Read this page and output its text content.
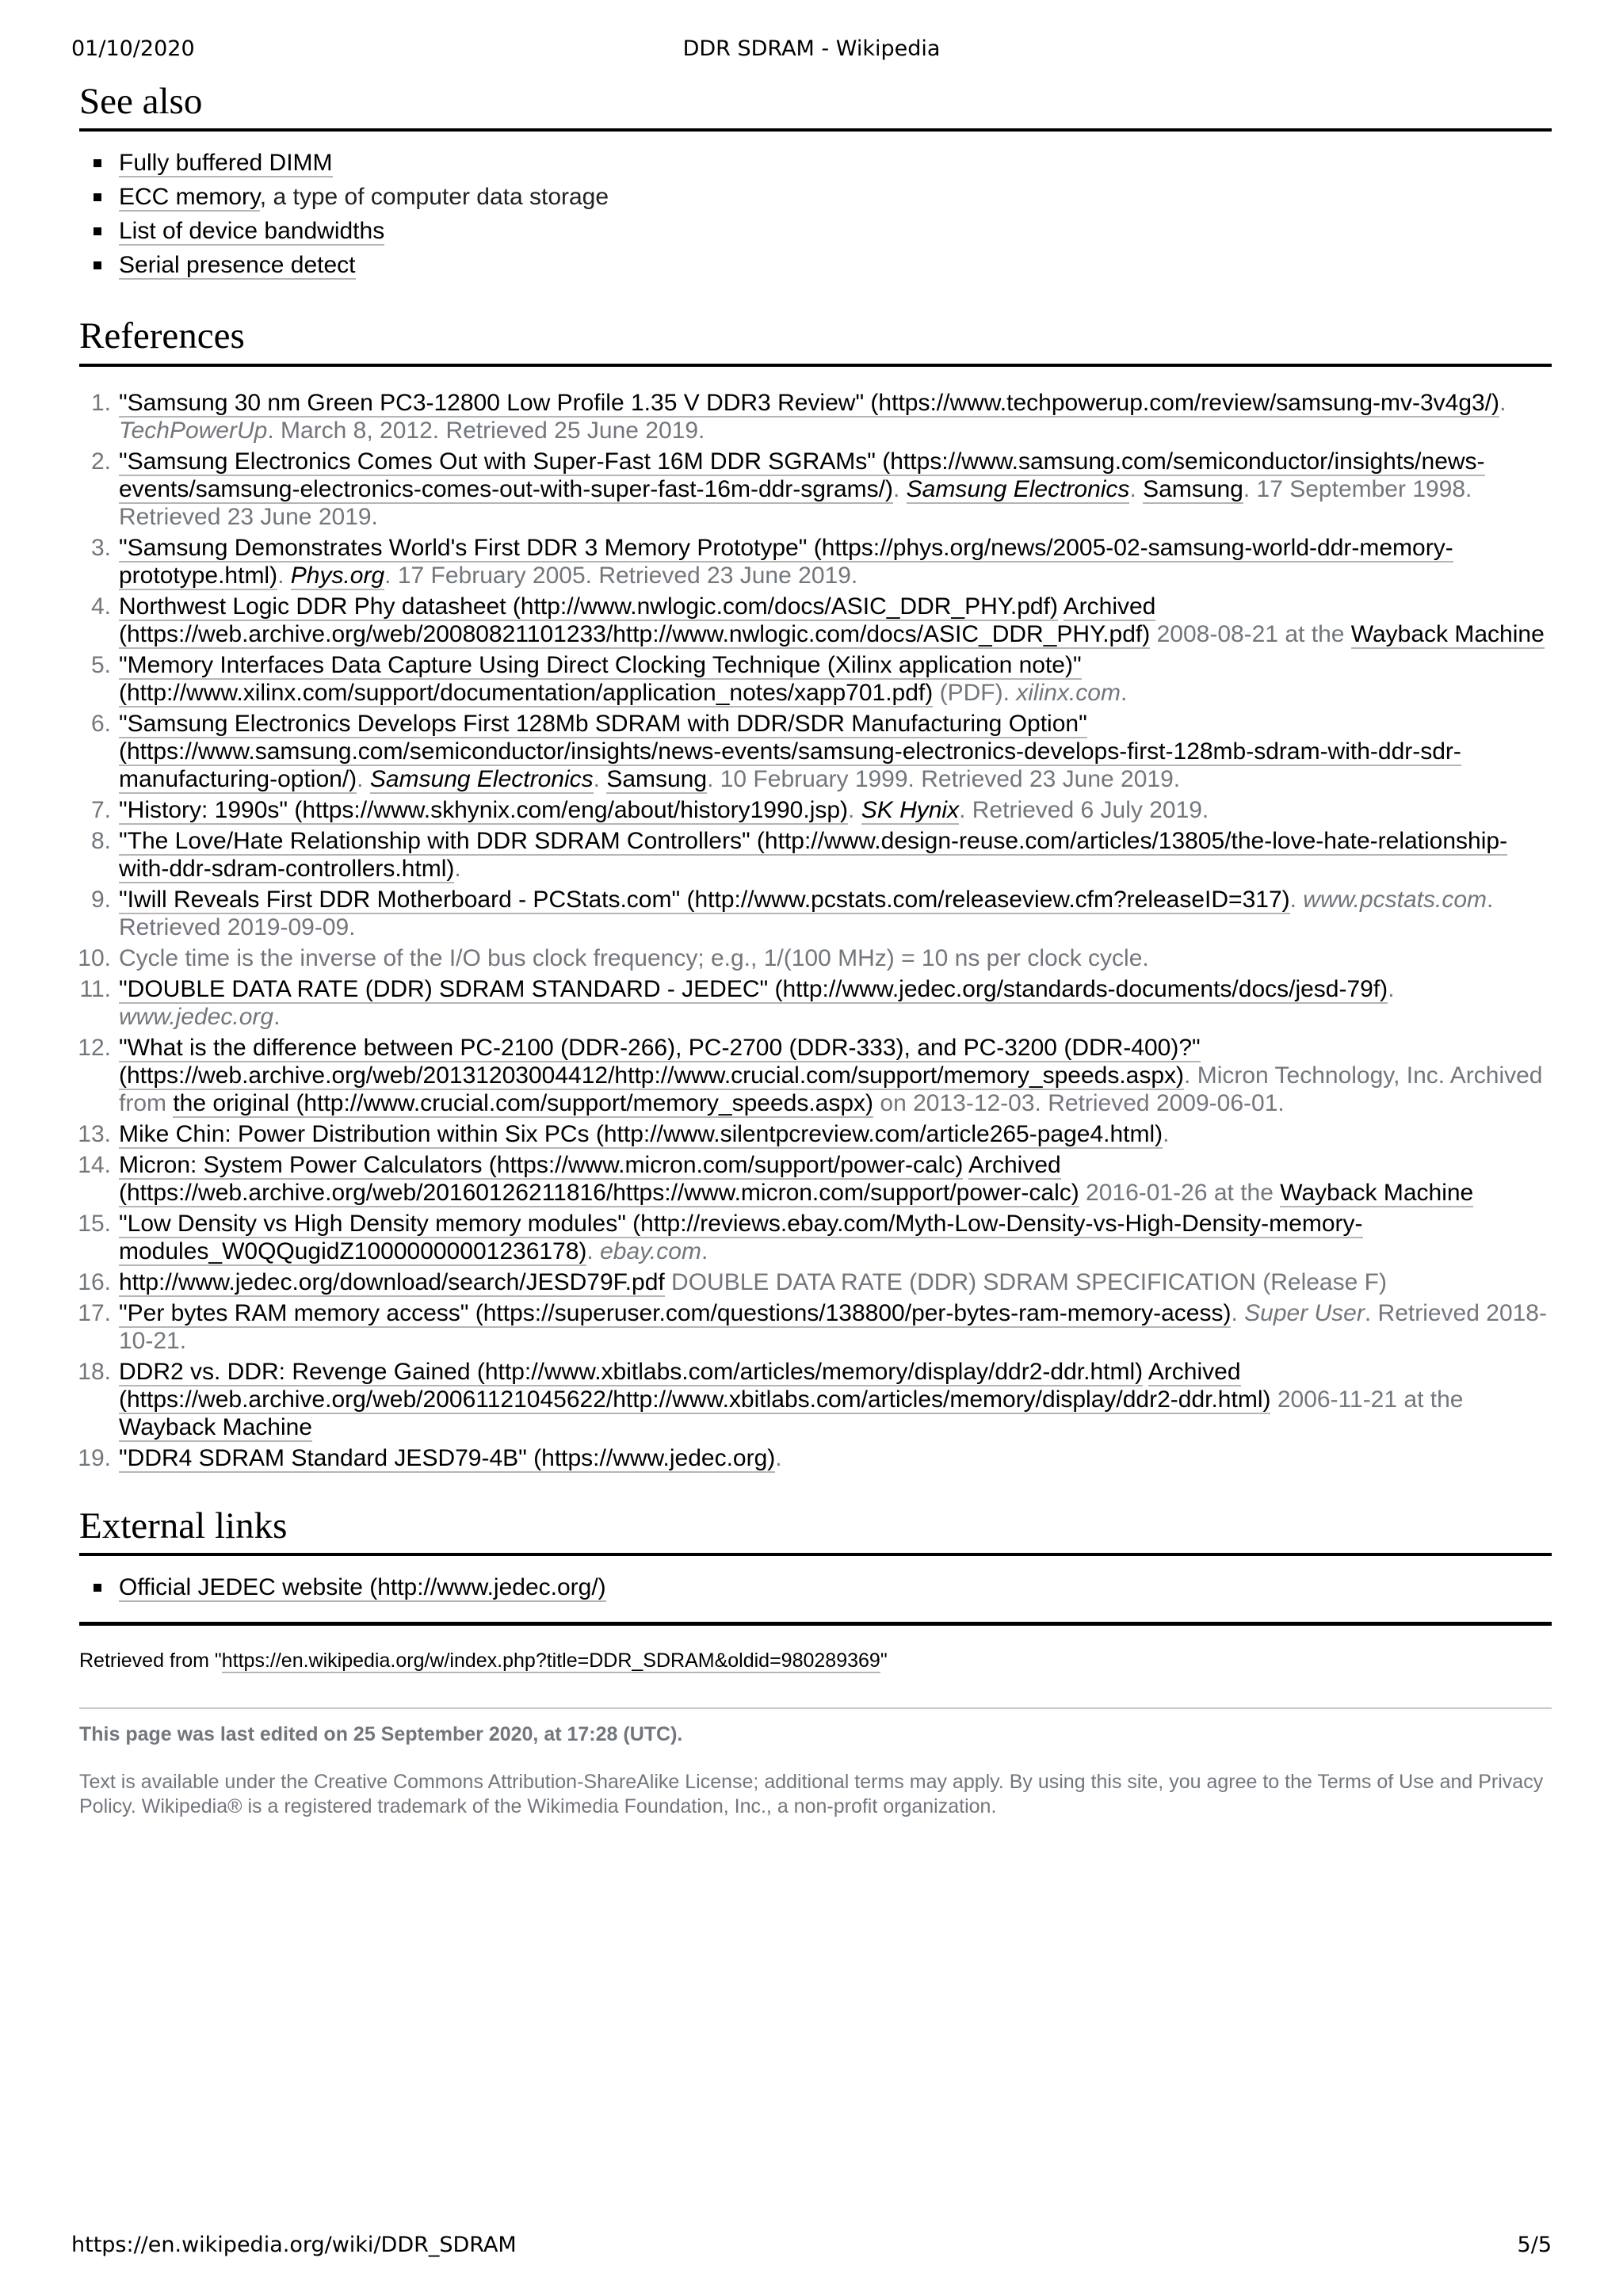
01/10/2020	DDR SDRAM - Wikipedia
See also
Fully buffered DIMM
ECC memory, a type of computer data storage
List of device bandwidths
Serial presence detect
References
1 . "Samsung 30 nm Green PC3-12800 Low Profile 1.35 V DDR3 Review" (https://www.techpowerup.com/review/samsung-mv-3v4g3/). TechPowerUp. March 8, 2012. Retrieved 25 June 2019.
2 . "Samsung Electronics Comes Out with Super-Fast 16M DDR SGRAMs" (https://www.samsung.com/semiconductor/insights/news-events/samsung-electronics-comes-out-with-super-fast-16m-ddr-sgrams/). Samsung Electronics. Samsung. 17 September 1998. Retrieved 23 June 2019.
3 . "Samsung Demonstrates World's First DDR 3 Memory Prototype" (https://phys.org/news/2005-02-samsung-world-ddr-memory-prototype.html). Phys.org. 17 February 2005. Retrieved 23 June 2019.
4 . Northwest Logic DDR Phy datasheet (http://www.nwlogic.com/docs/ASIC_DDR_PHY.pdf) Archived (https://web.archive.org/web/20080821101233/http://www.nwlogic.com/docs/ASIC_DDR_PHY.pdf) 2008-08-21 at the Wayback Machine
5 . "Memory Interfaces Data Capture Using Direct Clocking Technique (Xilinx application note)" (http://www.xilinx.com/support/documentation/application_notes/xapp701.pdf) (PDF). xilinx.com.
6 . "Samsung Electronics Develops First 128Mb SDRAM with DDR/SDR Manufacturing Option" (https://www.samsung.com/semiconductor/insights/news-events/samsung-electronics-develops-first-128mb-sdram-with-ddr-sdr-manufacturing-option/). Samsung Electronics. Samsung. 10 February 1999. Retrieved 23 June 2019.
7 . "History: 1990s" (https://www.skhynix.com/eng/about/history1990.jsp). SK Hynix. Retrieved 6 July 2019.
8 . "The Love/Hate Relationship with DDR SDRAM Controllers" (http://www.design-reuse.com/articles/13805/the-love-hate-relationship-with-ddr-sdram-controllers.html).
9 . "Iwill Reveals First DDR Motherboard - PCStats.com" (http://www.pcstats.com/releaseview.cfm?releaseID=317). www.pcstats.com. Retrieved 2019-09-09.
10 . Cycle time is the inverse of the I/O bus clock frequency; e.g., 1/(100 MHz) = 10 ns per clock cycle.
11 . "DOUBLE DATA RATE (DDR) SDRAM STANDARD - JEDEC" (http://www.jedec.org/standards-documents/docs/jesd-79f). www.jedec.org.
12 . "What is the difference between PC-2100 (DDR-266), PC-2700 (DDR-333), and PC-3200 (DDR-400)?" (https://web.archive.org/web/20131203004412/http://www.crucial.com/support/memory_speeds.aspx). Micron Technology, Inc. Archived from the original (http://www.crucial.com/support/memory_speeds.aspx) on 2013-12-03. Retrieved 2009-06-01.
13 . Mike Chin: Power Distribution within Six PCs (http://www.silentpcreview.com/article265-page4.html).
14 . Micron: System Power Calculators (https://www.micron.com/support/power-calc) Archived (https://web.archive.org/web/20160126211816/https://www.micron.com/support/power-calc) 2016-01-26 at the Wayback Machine
15 . "Low Density vs High Density memory modules" (http://reviews.ebay.com/Myth-Low-Density-vs-High-Density-memory-modules_W0QQugidZ10000000001236178). ebay.com.
16 . http://www.jedec.org/download/search/JESD79F.pdf DOUBLE DATA RATE (DDR) SDRAM SPECIFICATION (Release F)
17 . "Per bytes RAM memory access" (https://superuser.com/questions/138800/per-bytes-ram-memory-acess). Super User. Retrieved 2018-10-21.
18 . DDR2 vs. DDR: Revenge Gained (http://www.xbitlabs.com/articles/memory/display/ddr2-ddr.html) Archived (https://web.archive.org/web/20061121045622/http://www.xbitlabs.com/articles/memory/display/ddr2-ddr.html) 2006-11-21 at the Wayback Machine
19 . "DDR4 SDRAM Standard JESD79-4B" (https://www.jedec.org).
External links
Official JEDEC website (http://www.jedec.org/)
Retrieved from "https://en.wikipedia.org/w/index.php?title=DDR_SDRAM&oldid=980289369"
This page was last edited on 25 September 2020, at 17:28 (UTC).
Text is available under the Creative Commons Attribution-ShareAlike License; additional terms may apply. By using this site, you agree to the Terms of Use and Privacy Policy. Wikipedia® is a registered trademark of the Wikimedia Foundation, Inc., a non-profit organization.
https://en.wikipedia.org/wiki/DDR_SDRAM	5/5
